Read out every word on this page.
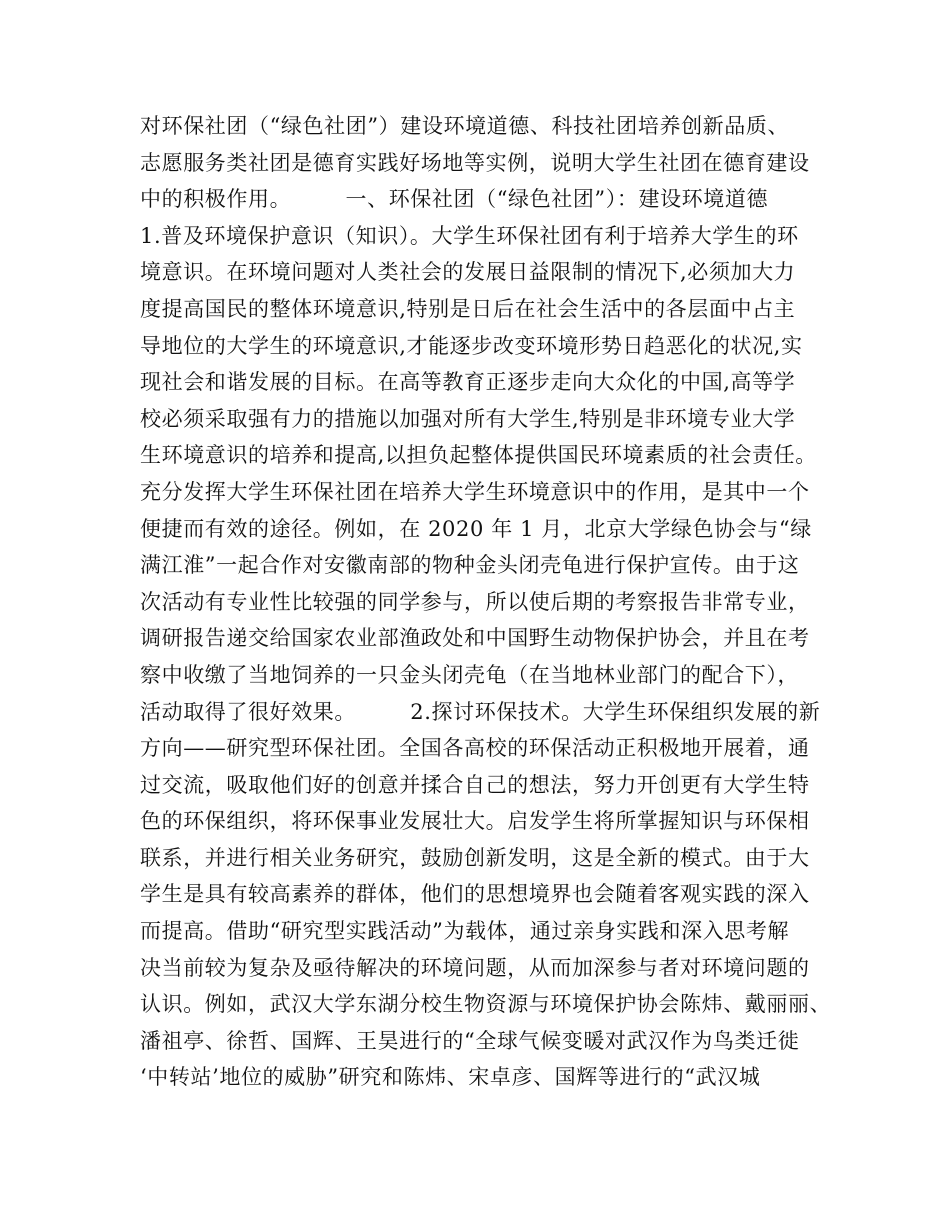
对环保社团（“绿色社团”）建设环境道德、科技社团培养创新品质、
志愿服务类社团是德育实践好场地等实例，说明大学生社团在德育建设
中的积极作用。　　　一、环保社团（“绿色社团”）：建设环境道德
1.普及环境保护意识（知识）。大学生环保社团有利于培养大学生的环
境意识。在环境问题对人类社会的发展日益限制的情况下,必须加大力
度提高国民的整体环境意识,特别是日后在社会生活中的各层面中占主
导地位的大学生的环境意识,才能逐步改变环境形势日趋恶化的状况,实
现社会和谐发展的目标。在高等教育正逐步走向大众化的中国,高等学
校必须采取强有力的措施以加强对所有大学生,特别是非环境专业大学
生环境意识的培养和提高,以担负起整体提供国民环境素质的社会责任。
充分发挥大学生环保社团在培养大学生环境意识中的作用，是其中一个
便捷而有效的途径。例如，在 2020 年 1 月，北京大学绿色协会与“绿
满江淮”一起合作对安徽南部的物种金头闭壳龟进行保护宣传。由于这
次活动有专业性比较强的同学参与，所以使后期的考察报告非常专业，
调研报告递交给国家农业部渔政处和中国野生动物保护协会，并且在考
察中收缴了当地饲养的一只金头闭壳龟（在当地林业部门的配合下），
活动取得了很好效果。　　　2.探讨环保技术。大学生环保组织发展的新
方向——研究型环保社团。全国各高校的环保活动正积极地开展着，通
过交流，吸取他们好的创意并揉合自己的想法，努力开创更有大学生特
色的环保组织，将环保事业发展壮大。启发学生将所掌握知识与环保相
联系，并进行相关业务研究，鼓励创新发明，这是全新的模式。由于大
学生是具有较高素养的群体，他们的思想境界也会随着客观实践的深入
而提高。借助“研究型实践活动”为载体，通过亲身实践和深入思考解
决当前较为复杂及亟待解决的环境问题，从而加深参与者对环境问题的
认识。例如，武汉大学东湖分校生物资源与环境保护协会陈炜、戴丽丽、
潘祖亭、徐哲、国辉、王昊进行的“全球气候变暖对武汉作为鸟类迁徙
‘中转站’地位的威胁”研究和陈炜、宋卓彦、国辉等进行的“武汉城
